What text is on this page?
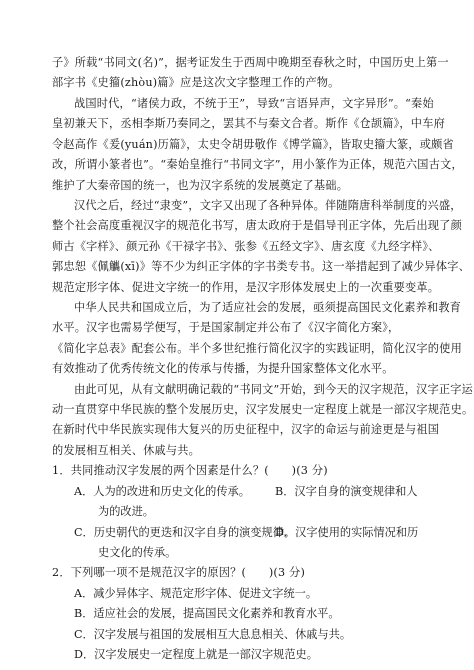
子》所载“书同文(名)”，据考证发生于西周中晚期至春秋之时，中国历史上第一
部字书《史籀(zhòu)篇》应是这次文字整理工作的产物。
战国时代，“诸侯力政，不统于王”，导致“言语异声，文字异形”。“秦始
皇初兼天下，丞相李斯乃奏同之，罢其不与秦文合者。斯作《仓颉篇》，中车府
令赵高作《爰(yuán)历篇》，太史令胡毋敬作《博学篇》，皆取史籀大篆，或颇省
改，所谓小篆者也”。“秦始皇推行“书同文字”，用小篆作为正体，规范六国古文，
维护了大秦帝国的统一，也为汉字系统的发展奠定了基础。
汉代之后，经过“隶变”，文字又出现了各种异体。伴随隋唐科举制度的兴盛，
整个社会高度重视汉字的规范化书写，唐太政府于是倡导刊正字体，先后出现了颜
师古《字样》、颜元孙《干禄字书》、张参《五经文字》、唐玄度《九经字样》、
郭忠恕《佩觿(xī)》等不少为纠正字体的字书类专书。这一举措起到了减少异体字、
规范定形字体、促进文字统一的作用，是汉字形体发展史上的一次重要变革。
中华人民共和国成立后，为了适应社会的发展，亟须提高国民文化素养和教育
水平。汉字也需易学便写，于是国家制定并公布了《汉字简化方案》，
《简化字总表》配套公布。半个多世纪推行简化汉字的实践证明，简化汉字的使用
有效推动了优秀传统文化的传承与传播，为提升国家整体文化水平。
由此可见，从有文献明确记载的“书同文”开始，到今天的汉字规范，汉字正字运
动一直贯穿中华民族的整个发展历史，汉字发展史一定程度上就是一部汉字规范史。
在新时代中华民族实现伟大复兴的历史征程中，汉字的命运与前途更是与祖国
的发展相互相关、休戚与共。
1．共同推动汉字发展的两个因素是什么？(　　)(3 分)
A．人为的改进和历史文化的传承。 B．汉字自身的演变规律和人
为的改进。
C．历史朝代的更迭和汉字自身的演变规律。
D．汉字使用的实际情况和历
史文化的传承。
2．下列哪一项不是规范汉字的原因？(　　)(3 分)
A．减少异体字、规范定形字体、促进文字统一。
B．适应社会的发展，提高国民文化素养和教育水平。
C．汉字发展与祖国的发展相互大息息相关、休戚与共。
D．汉字发展史一定程度上就是一部汉字规范史。
